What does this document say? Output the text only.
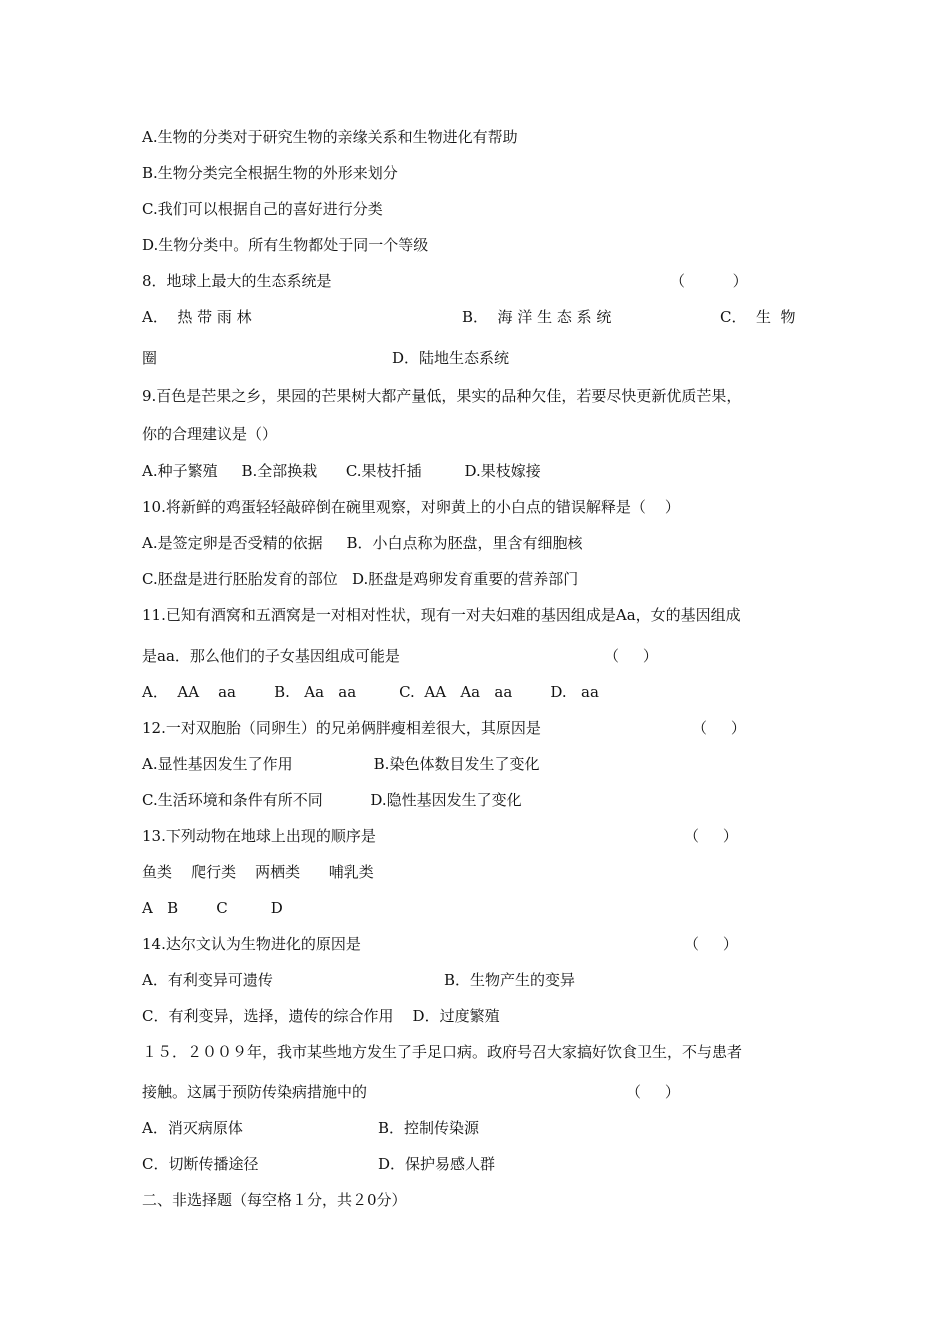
A.生物的分类对于研究生物的亲缘关系和生物进化有帮助
B.生物分类完全根据生物的外形来划分
C.我们可以根据自己的喜好进行分类
D.生物分类中。所有生物都处于同一个等级
8．地球上最大的生态系统是	（          ）
A．  热 带 雨 林	B．  海 洋 生 态 系 统	C．  生  物
圈	D．陆地生态系统
9.百色是芒果之乡，果园的芒果树大都产量低，果实的品种欠佳，若要尽快更新优质芒果，
你的合理建议是（）
A.种子繁殖     B.全部换栽      C.果枝扦插         D.果枝嫁接
10.将新鲜的鸡蛋轻轻敲碎倒在碗里观察，对卵黄上的小白点的错误解释是（    ）
A.是签定卵是否受精的依据     B．小白点称为胚盘，里含有细胞核
C.胚盘是进行胚胎发育的部位   D.胚盘是鸡卵发育重要的营养部门
11.已知有酒窝和五酒窝是一对相对性状，现有一对夫妇难的基因组成是Aa，女的基因组成
是aa．那么他们的子女基因组成可能是	（     ）
A．  AA    aa        B.   Aa   aa         C.  AA   Aa   aa        D.   aa
12.一对双胞胎（同卵生）的兄弟俩胖瘦相差很大，其原因是	（     ）
A.显性基因发生了作用                 B.染色体数目发生了变化
C.生活环境和条件有所不同          D.隐性基因发生了变化
13.下列动物在地球上出现的顺序是	（     ）
鱼类    爬行类    两栖类      哺乳类
A   B        C         D
14.达尔文认为生物进化的原因是	（     ）
A．有利变异可遗传	B．生物产生的变异
C．有利变异，选择，遗传的综合作用    D．过度繁殖
１５．２００９年，我市某些地方发生了手足口病。政府号召大家搞好饮食卫生，不与患者
接触。这属于预防传染病措施中的	（     ）
A．消灭病原体	B．控制传染源
C．切断传播途径	D．保护易感人群
二、非选择题（每空格１分，共２0分）
